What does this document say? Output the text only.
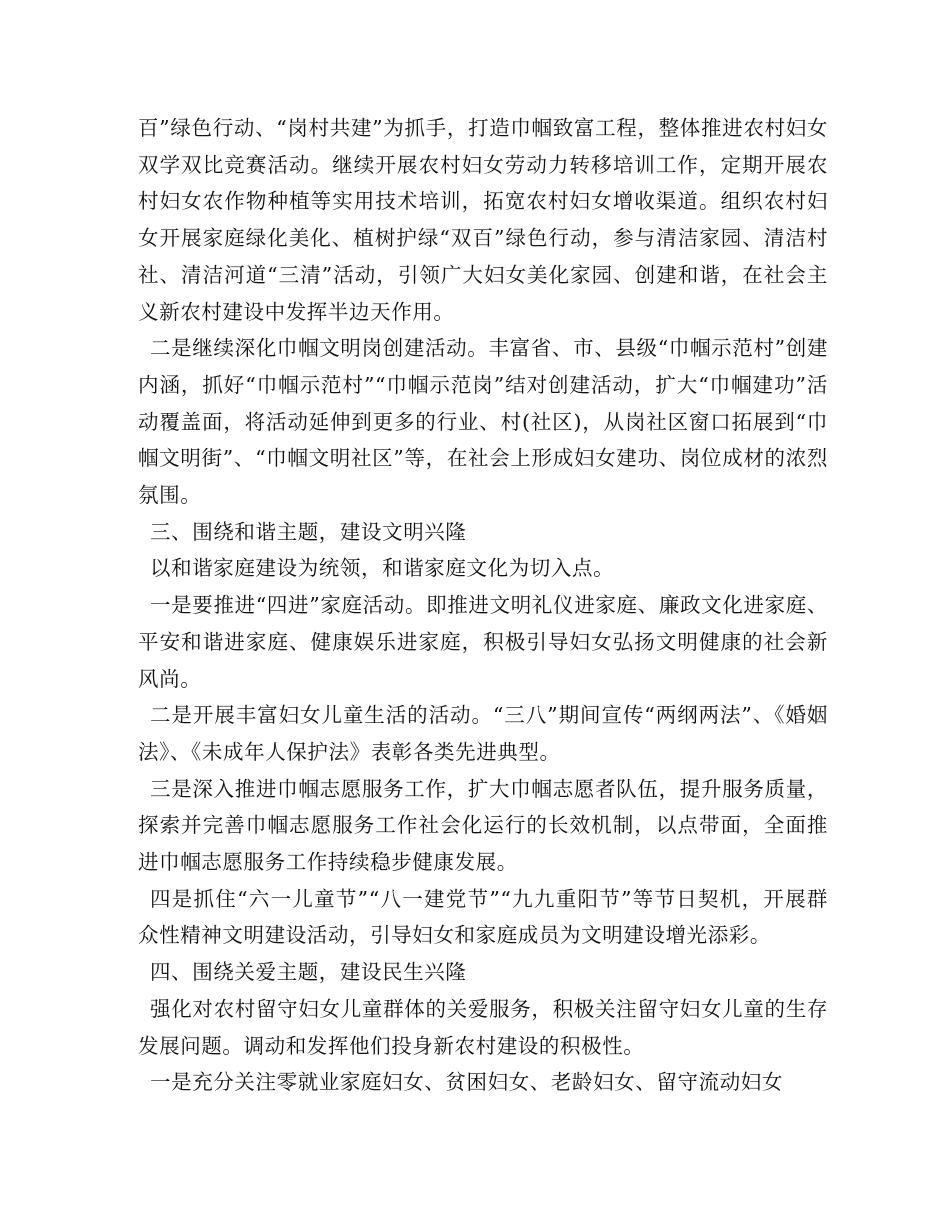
百”绿色行动、“岗村共建”为抓手，打造巾帼致富工程，整体推进农村妇女双学双比竞赛活动。继续开展农村妇女劳动力转移培训工作，定期开展农村妇女农作物种植等实用技术培训，拓宽农村妇女增收渠道。组织农村妇女开展家庭绿化美化、植树护绿“双百”绿色行动，参与清洁家园、清洁村社、清洁河道“三清”活动，引领广大妇女美化家园、创建和谐，在社会主义新农村建设中发挥半边天作用。

二是继续深化巾帼文明岗创建活动。丰富省、市、县级“巾帼示范村”创建内涵，抓好“巾帼示范村”“巾帼示范岗”结对创建活动，扩大“巾帼建功”活动覆盖面，将活动延伸到更多的行业、村(社区)，从岗社区窗口拓展到“巾帼文明街”、“巾帼文明社区”等，在社会上形成妇女建功、岗位成材的浓烈氛围。

三、围绕和谐主题，建设文明兴隆

以和谐家庭建设为统领，和谐家庭文化为切入点。

一是要推进“四进”家庭活动。即推进文明礼仪进家庭、廉政文化进家庭、平安和谐进家庭、健康娱乐进家庭，积极引导妇女弘扬文明健康的社会新风尚。

二是开展丰富妇女儿童生活的活动。“三八”期间宣传“两纲两法”、《婚姻法》、《未成年人保护法》表彰各类先进典型。

三是深入推进巾帼志愿服务工作，扩大巾帼志愿者队伍，提升服务质量，探索并完善巾帼志愿服务工作社会化运行的长效机制，以点带面，全面推进巾帼志愿服务工作持续稳步健康发展。

四是抓住“六一儿童节”“八一建党节”“九九重阳节”等节日契机，开展群众性精神文明建设活动，引导妇女和家庭成员为文明建设增光添彩。

四、围绕关爱主题，建设民生兴隆

强化对农村留守妇女儿童群体的关爱服务，积极关注留守妇女儿童的生存发展问题。调动和发挥他们投身新农村建设的积极性。

一是充分关注零就业家庭妇女、贫困妇女、老龄妇女、留守流动妇女
